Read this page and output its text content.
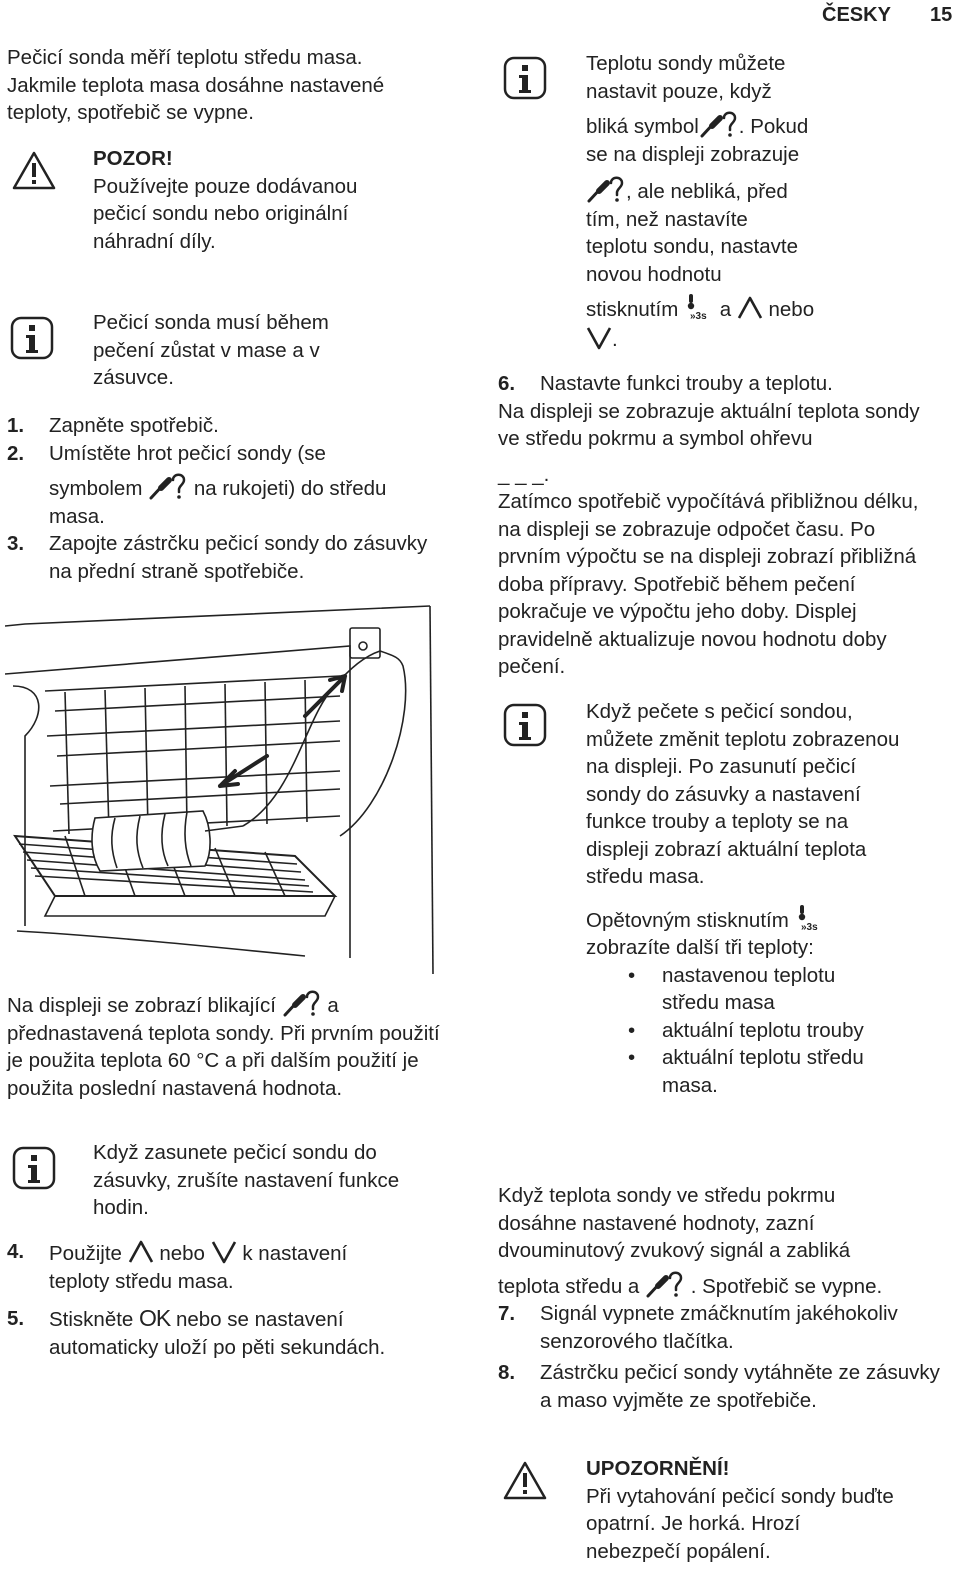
ČESKY 15

Pečicí sonda měří teplotu středu masa. Jakmile teplota masa dosáhne nastavené teploty, spotřebič se vypne.

POZOR!

Používejte pouze dodávanou pečicí sondu nebo originální náhradní díly.

Pečicí sonda musí během pečení zůstat v mase a v zásuvce.

1. Zapněte spotřebič.
2. Umístěte hrot pečicí sondy (se
symbolem	na rukojeti) do středu masa.
3. Zapojte zástrčku pečicí sondy do zásuvky na přední straně spotřebiče.

Na displeji se zobrazí blikající	a

přednastavená teplota sondy. Při prvním použití je použita teplota 60 °C a při dalším použití je použita poslední nastavená hodnota.

Když zasunete pečicí sondu do zásuvky, zrušíte nastavení funkce hodin.

4. Použijte nebo k nastavení
teploty středu masa.
5. Stiskněte OK nebo se nastavení
automaticky uloží po pěti sekundách.

Teplotu sondy můžete

nastavit pouze, když

bliká symbol . Pokud

se na displeji zobrazuje

, ale nebliká, před

tím, než nastavíte

teplotu sondu, nastavte

novou hodnotu

stisknutím a nebo

.

6. Nastavte funkci trouby a teplotu.

Na displeji se zobrazuje aktuální teplota sondy ve středu pokrmu a symbol ohřevu

_ _ _.

Zatímco spotřebič vypočítává přibližnou délku, na displeji se zobrazuje odpočet času. Po prvním výpočtu se na displeji zobrazí přibližná doba přípravy. Spotřebič během pečení pokračuje ve výpočtu jeho doby. Displej pravidelně aktualizuje novou hodnotu doby pečení.

Když pečete s pečicí sondou, můžete změnit teplotu zobrazenou na displeji. Po zasunutí pečicí sondy do zásuvky a nastavení funkce trouby a teploty se na displeji zobrazí aktuální teplota středu masa.

Opětovným stisknutím

zobrazíte další tři teploty:

• nastavenou teplotu středu masa
• aktuální teplotu trouby
• aktuální teplotu středu masa.

Když teplota sondy ve středu pokrmu dosáhne nastavené hodnoty, zazní dvouminutový zvukový signál a zabliká

teplota středu a	. Spotřebič se vypne.

7. Signál vypnete zmáčknutím jakéhokoliv senzorového tlačítka.
8. Zástrčku pečicí sondy vytáhněte ze zásuvky a maso vyjměte ze spotřebiče.

UPOZORNĚNÍ!

Při vytahování pečicí sondy buďte opatrní. Je horká. Hrozí nebezpečí popálení.
